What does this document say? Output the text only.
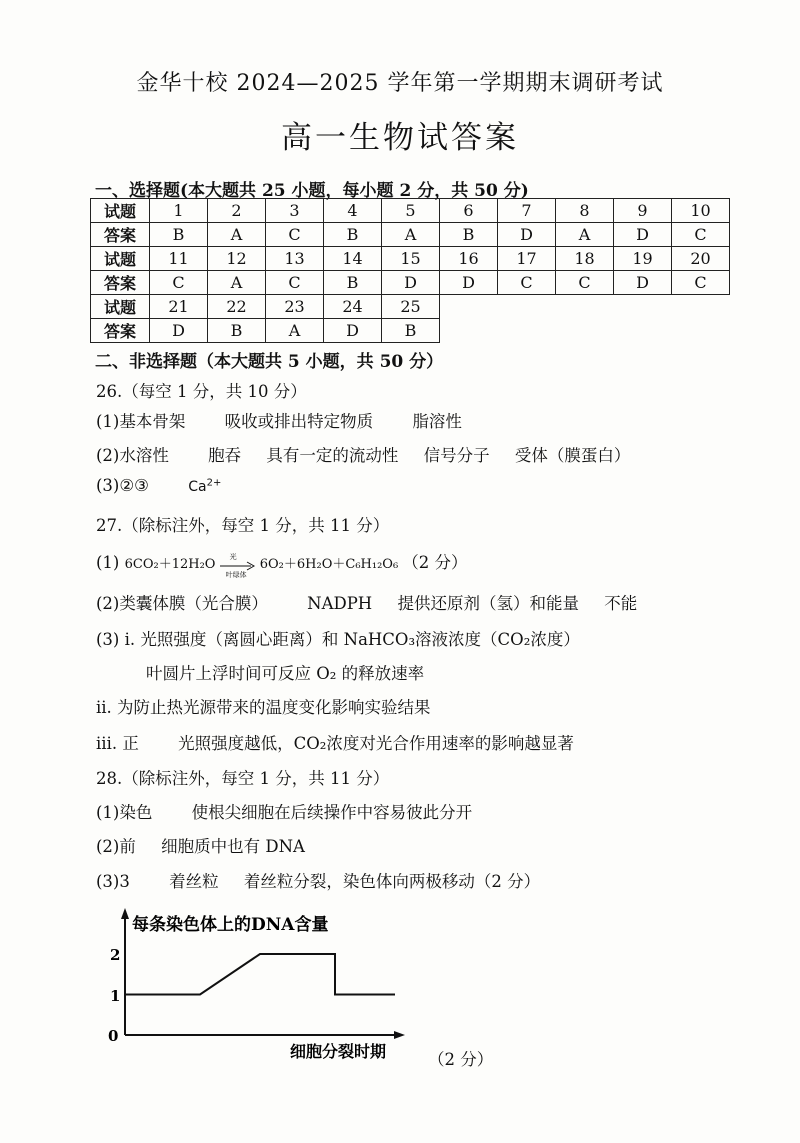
金华十校 2024—2025 学年第一学期期末调研考试
高一生物试答案
一、选择题(本大题共 25 小题，每小题 2 分，共 50 分)
试题	1	2	3	4	5	6	7	8	9	10
答案	B	A	C	B	A	B	D	A	D	C
试题	11	12	13	14	15	16	17	18	19	20
答案	C	A	C	B	D	D	C	C	D	C
试题	21	22	23	24	25					
答案	D	B	A	D	B					
二、非选择题（本大题共 5 小题，共 50 分）
26.（每空 1 分，共 10 分）
(1)基本骨架 吸收或排出特定物质 脂溶性
(2)水溶性 胞吞 具有一定的流动性 信号分子 受体（膜蛋白）
(3)②③	$Ca^{2+}$
27.（除标注外，每空 1 分，共 11 分）
(1) 6CO₂＋12H₂O
光
叶绿体
6O₂＋6H₂O＋C₆H₁₂O₆ （2 分）
(2)类囊体膜（光合膜） NADPH 提供还原剂（氢）和能量 不能
(3) ⅰ. 光照强度（离圆心距离）和 NaHCO₃溶液浓度（CO₂浓度）
叶圆片上浮时间可反应 O₂ 的释放速率
ⅱ. 为防止热光源带来的温度变化影响实验结果
ⅲ. 正 光照强度越低，CO₂浓度对光合作用速率的影响越显著
28.（除标注外，每空 1 分，共 11 分）
(1)染色 使根尖细胞在后续操作中容易彼此分开
(2)前 细胞质中也有 DNA
(3)3 着丝粒 着丝粒分裂，染色体向两极移动（2 分）
每条染色体上的DNA含量
细胞分裂时期
0
1
2
（2 分）
